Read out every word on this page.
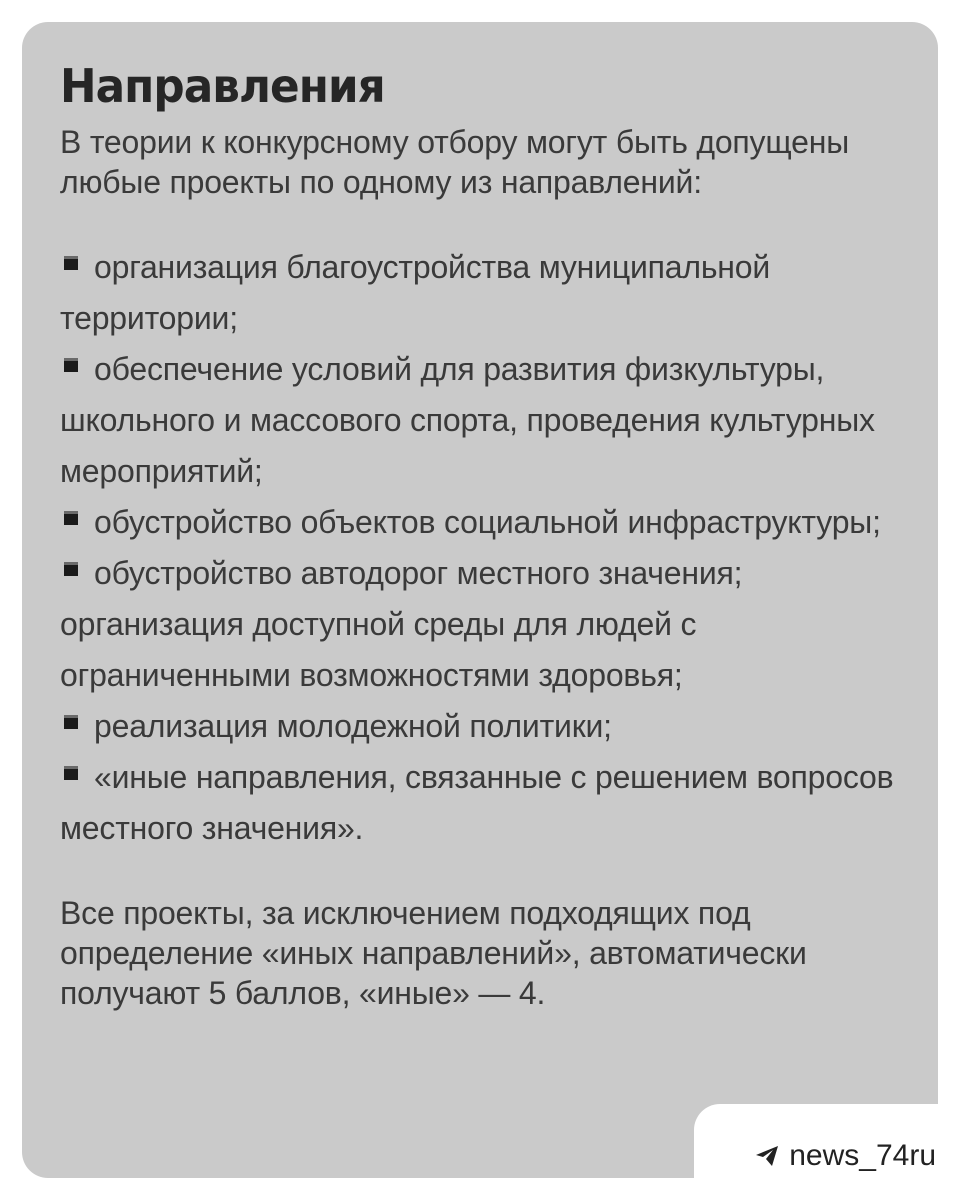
Направления
В теории к конкурсному отбору могут быть допущены любые проекты по одному из направлений:
организация благоустройства муниципальной территории;
обеспечение условий для развития физкультуры, школьного и массового спорта, проведения культурных мероприятий;
обустройство объектов социальной инфраструктуры;
обустройство автодорог местного значения; организация доступной среды для людей с ограниченными возможностями здоровья;
реализация молодежной политики;
«иные направления, связанные с решением вопросов местного значения».
Все проекты, за исключением подходящих под определение «иных направлений», автоматически получают 5 баллов, «иные» — 4.
news_74ru
